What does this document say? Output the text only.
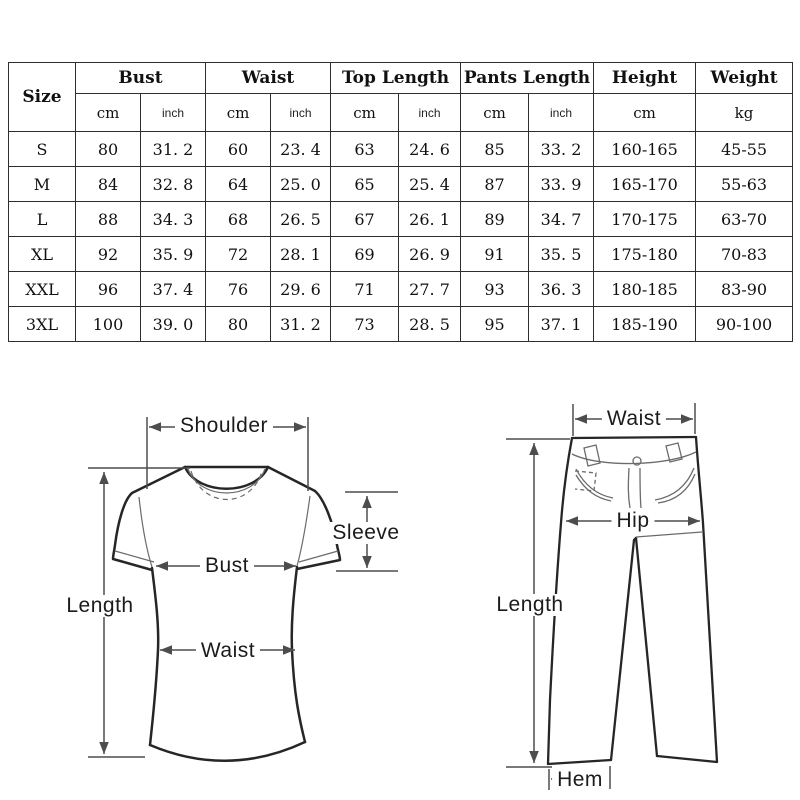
Size	Bust		Waist		Top Length		Pants Length		Height	Weight
	cm	inch	cm	inch	cm	inch	cm	inch	cm	kg
S	80	31. 2	60	23. 4	63	24. 6	85	33. 2	160-165	45-55
M	84	32. 8	64	25. 0	65	25. 4	87	33. 9	165-170	55-63
L	88	34. 3	68	26. 5	67	26. 1	89	34. 7	170-175	63-70
XL	92	35. 9	72	28. 1	69	26. 9	91	35. 5	175-180	70-83
XXL	96	37. 4	76	29. 6	71	27. 7	93	36. 3	180-185	83-90
3XL	100	39. 0	80	31. 2	73	28. 5	95	37. 1	185-190	90-100
Shoulder
Sleeve
Bust
Length
Waist
Waist
Hip
Length
Hem
